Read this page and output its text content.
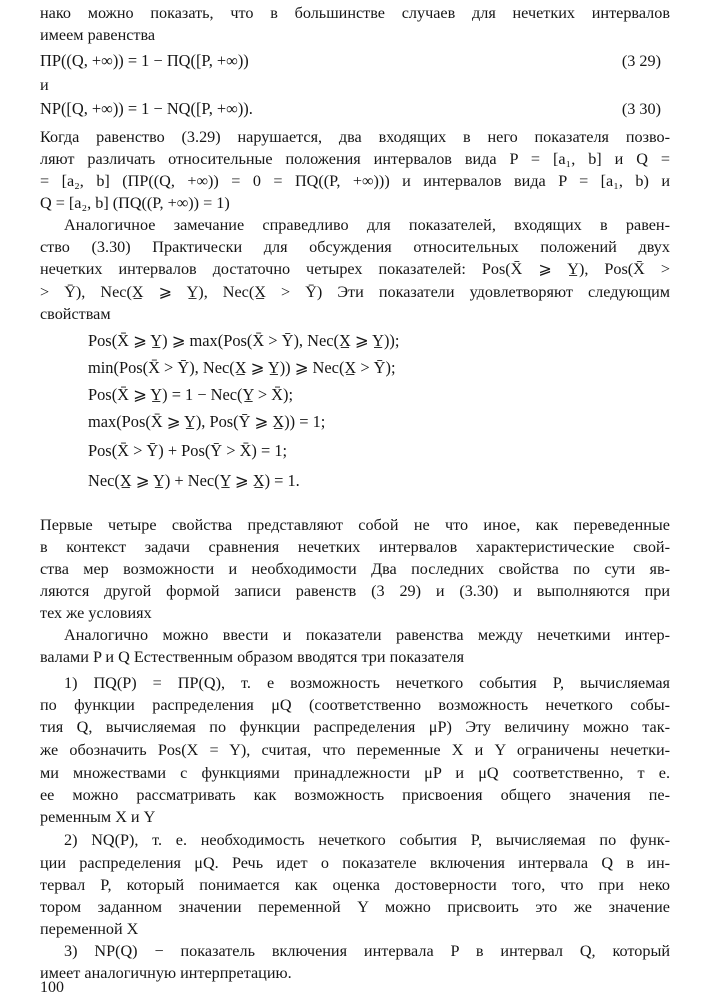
нако можно показать, что в большинстве случаев для нечетких интервалов
имеем равенства
ΠP((Q, +∞)) = 1 − ΠQ([P, +∞))	(3 29)
и
NP([Q, +∞)) = 1 − NQ([P, +∞)).	(3 30)
Когда равенство (3.29) нарушается, два входящих в него показателя позво-
ляют различать относительные положения интервалов вида P = [a₁, b] и Q =
= [a₂, b] (ΠP((Q, +∞)) = 0 = ΠQ((P, +∞))) и интервалов вида P = [a₁, b) и
Q = [a₂, b] (ΠQ((P, +∞)) = 1)
Аналогичное замечание справедливо для показателей, входящих в равен-
ство (3.30) Практически для обсуждения относительных положений двух
нечетких интервалов достаточно четырех показателей: Pos(X̄ ⩾ Y̲), Pos(X̄ >
> Ȳ), Nec(X̲ ⩾ Y̲), Nec(X̲ > Ȳ) Эти показатели удовлетворяют следующим
свойствам
Pos(X̄ ⩾ Y̲) ⩾ max(Pos(X̄ > Ȳ), Nec(X̲ ⩾ Y̲));
min(Pos(X̄ > Ȳ), Nec(X̲ ⩾ Y̲)) ⩾ Nec(X̲ > Ȳ);
Pos(X̄ ⩾ Y̲) = 1 − Nec(Y̲ > X̄);
max(Pos(X̄ ⩾ Y̲), Pos(Ȳ ⩾ X̲)) = 1;
Pos(X̄ > Ȳ) + Pos(Ȳ > X̄) = 1;
Nec(X̲ ⩾ Y̲) + Nec(Y̲ ⩾ X̲) = 1.
Первые четыре свойства представляют собой не что иное, как переведенные
в контекст задачи сравнения нечетких интервалов характеристические свой-
ства мер возможности и необходимости Два последних свойства по сути яв-
ляются другой формой записи равенств (3 29) и (3.30) и выполняются при
тех же условиях
Аналогично можно ввести и показатели равенства между нечеткими интер-
валами P и Q Естественным образом вводятся три показателя
1) ΠQ(P) = ΠP(Q), т. е возможность нечеткого события P, вычисляемая
по функции распределения μQ (соответственно возможность нечеткого собы-
тия Q, вычисляемая по функции распределения μP) Эту величину можно так-
же обозначить Pos(X = Y), считая, что переменные X и Y ограничены нечетки-
ми множествами с функциями принадлежности μP и μQ соответственно, т е.
ее можно рассматривать как возможность присвоения общего значения пе-
ременным X и Y
2) NQ(P), т. е. необходимость нечеткого события P, вычисляемая по функ-
ции распределения μQ. Речь идет о показателе включения интервала Q в ин-
тервал P, который понимается как оценка достоверности того, что при неко
тором заданном значении переменной Y можно присвоить это же значение
переменной X
3) NP(Q) − показатель включения интервала P в интервал Q, который
имеет аналогичную интерпретацию.
100
